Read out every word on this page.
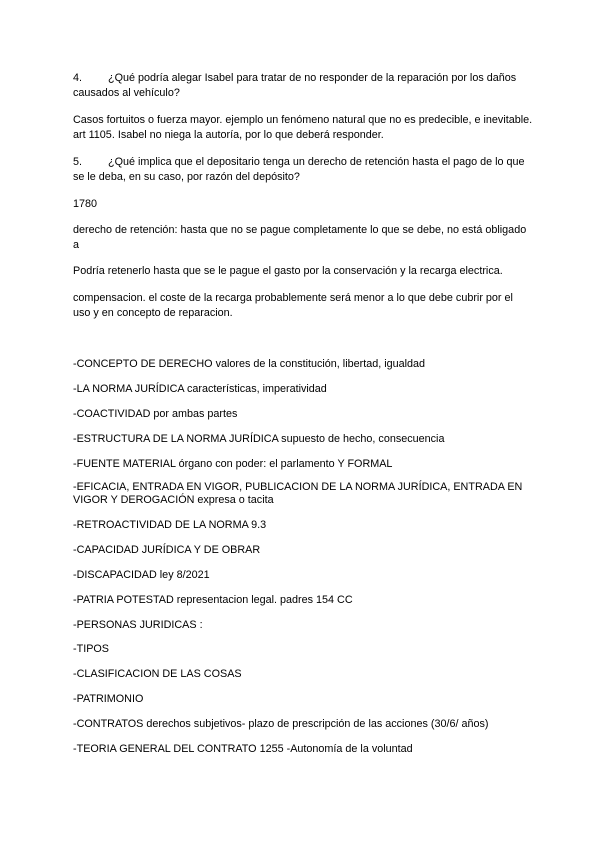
4. ¿Qué podría alegar Isabel para tratar de no responder de la reparación por los daños causados al vehículo?

Casos fortuitos o fuerza mayor. ejemplo un fenómeno natural que no es predecible, e inevitable. art 1105. Isabel no niega la autoría, por lo que deberá responder.

5. ¿Qué implica que el depositario tenga un derecho de retención hasta el pago de lo que se le deba, en su caso, por razón del depósito?

1780

derecho de retención: hasta que no se pague completamente lo que se debe, no está obligado a

Podría retenerlo hasta que se le pague el gasto por la conservación y la recarga electrica.

compensacion. el coste de la recarga probablemente será menor a lo que debe cubrir por el uso y en concepto de reparacion.

-CONCEPTO DE DERECHO valores de la constitución, libertad, igualdad

-LA NORMA JURÍDICA características, imperatividad

-COACTIVIDAD por ambas partes

-ESTRUCTURA DE LA NORMA JURÍDICA supuesto de hecho, consecuencia

-FUENTE MATERIAL órgano con poder: el parlamento Y FORMAL

-EFICACIA, ENTRADA EN VIGOR, PUBLICACION DE LA NORMA JURÍDICA, ENTRADA EN VIGOR Y DEROGACIÓN expresa o tacita

-RETROACTIVIDAD DE LA NORMA 9.3

-CAPACIDAD JURÍDICA Y DE OBRAR

-DISCAPACIDAD ley 8/2021

-PATRIA POTESTAD representacion legal. padres 154 CC

-PERSONAS JURIDICAS :

-TIPOS

-CLASIFICACION DE LAS COSAS

-PATRIMONIO

-CONTRATOS derechos subjetivos- plazo de prescripción de las acciones (30/6/ años)

-TEORIA GENERAL DEL CONTRATO 1255 -Autonomía de la voluntad
